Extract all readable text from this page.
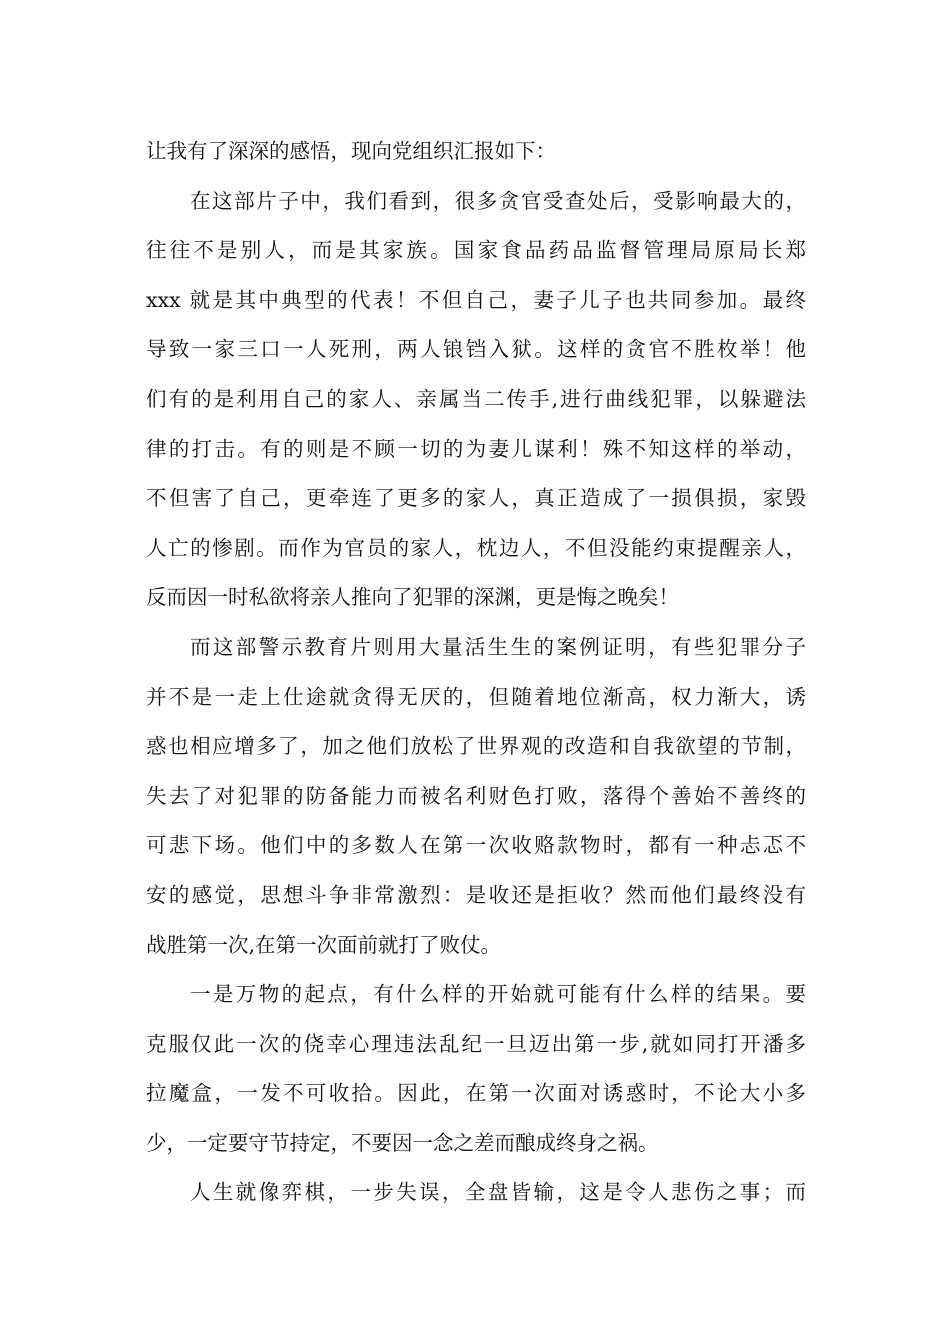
让我有了深深的感悟，现向党组织汇报如下：
在这部片子中，我们看到，很多贪官受查处后，受影响最大的，
往往不是别人，而是其家族。国家食品药品监督管理局原局长郑
xxx 就是其中典型的代表！不但自己，妻子儿子也共同参加。最终
导致一家三口一人死刑，两人锒铛入狱。这样的贪官不胜枚举！他
们有的是利用自己的家人、亲属当二传手,进行曲线犯罪，以躲避法
律的打击。有的则是不顾一切的为妻儿谋利！殊不知这样的举动，
不但害了自己，更牵连了更多的家人，真正造成了一损俱损，家毁
人亡的惨剧。而作为官员的家人，枕边人，不但没能约束提醒亲人，
反而因一时私欲将亲人推向了犯罪的深渊，更是悔之晚矣！
而这部警示教育片则用大量活生生的案例证明，有些犯罪分子
并不是一走上仕途就贪得无厌的，但随着地位渐高，权力渐大，诱
惑也相应增多了，加之他们放松了世界观的改造和自我欲望的节制，
失去了对犯罪的防备能力而被名利财色打败，落得个善始不善终的
可悲下场。他们中的多数人在第一次收赂款物时，都有一种忐忑不
安的感觉，思想斗争非常激烈：是收还是拒收？然而他们最终没有
战胜第一次,在第一次面前就打了败仗。
一是万物的起点，有什么样的开始就可能有什么样的结果。要
克服仅此一次的侥幸心理违法乱纪一旦迈出第一步,就如同打开潘多
拉魔盒，一发不可收拾。因此，在第一次面对诱惑时，不论大小多
少，一定要守节持定，不要因一念之差而酿成终身之祸。
人生就像弈棋，一步失误，全盘皆输，这是令人悲伤之事；而
